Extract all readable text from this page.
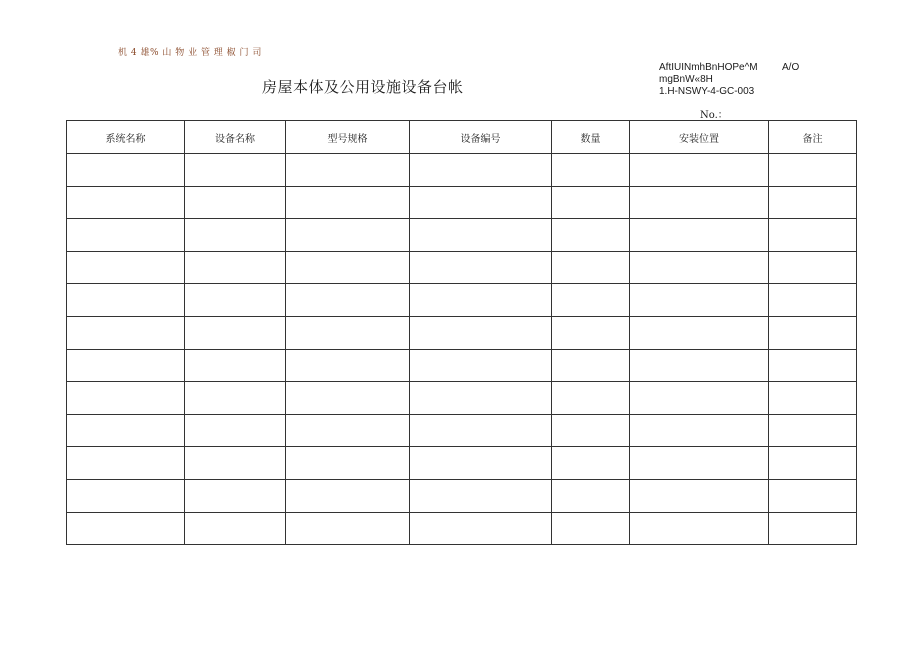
机 4 雄% 山 物 业 管 理 椒 门 司
房屋本体及公用设施设备台帐
AftIUINmhBnHOPe^M
mgBnW«8H
1.H-NSWY-4-GC-003
A/O
No.：
系统名称	设备名称	型号规格	设备编号	数量	安装位置	备注
